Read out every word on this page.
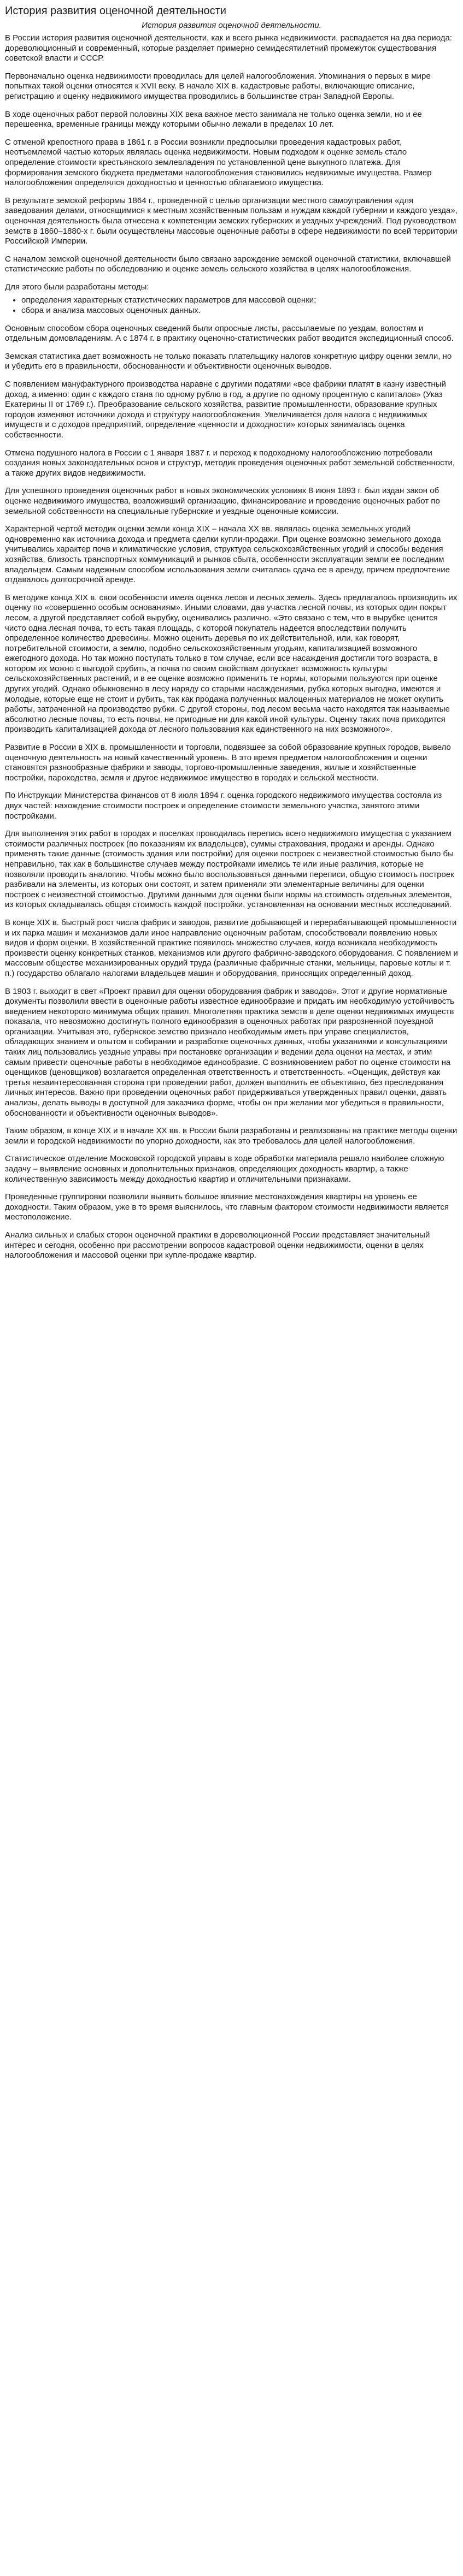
История развития оценочной деятельности
История развития оценочной деятельности.

В России история развития оценочной деятельности, как и всего рынка недвижимости, распадается на два периода: дореволюционный и современный, которые разделяет примерно семидесятилетний промежуток существования советской власти и СССР.

Первоначально оценка недвижимости проводилась для целей налогообложения. Упоминания о первых в мире попытках такой оценки относятся к XVII веку. В начале XIX в. кадастровые работы, включающие описание, регистрацию и оценку недвижимого имущества проводились в большинстве стран Западной Европы.

В ходе оценочных работ первой половины XIX века важное место занимала не только оценка земли, но и ее перешеенка, временные границы между которыми обычно лежали в пределах 10 лет.

С отменой крепостного права в 1861 г. в России возникли предпосылки проведения кадастровых работ, неотъемлемой частью которых являлась оценка недвижимости. Новым подходом к оценке земель стало определение стоимости крестьянского землевладения по установленной цене выкупного платежа. Для формирования земского бюджета предметами налогообложения становились недвижимые имущества. Размер налогообложения определялся доходностью и ценностью облагаемого имущества.

В результате земской реформы 1864 г., проведенной с целью организации местного самоуправления «для заведования делами, относящимися к местным хозяйственным пользам и нуждам каждой губернии и каждого уезда», оценочная деятельность была отнесена к компетенции земских губернских и уездных учреждений. Под руководством земств в 1860–1880-х г. были осуществлены массовые оценочные работы в сфере недвижимости по всей территории Российской Империи.

С началом земской оценочной деятельности было связано зарождение земской оценочной статистики, включавшей статистические работы по обследованию и оценке земель сельского хозяйства в целях налогообложения.

Для этого были разработаны методы:

• определения характерных статистических параметров для массовой оценки;
• сбора и анализа массовых оценочных данных.

Основным способом сбора оценочных сведений были опросные листы, рассылаемые по уездам, волостям и отдельным домовладениям. А с 1874 г. в практику оценочно-статистических работ вводится экспедиционный способ.

Земская статистика дает возможность не только показать плательщику налогов конкретную цифру оценки земли, но и убедить его в правильности, обоснованности и объективности оценочных выводов.

С появлением мануфактурного производства наравне с другими податями «все фабрики платят в казну известный доход, а именно: один с каждого стана по одному рублю в год, а другие по одному процентную с капиталов» (Указ Екатерины II от 1769 г.). Преобразование сельского хозяйства, развитие промышленности, образование крупных городов изменяют источники дохода и структуру налогообложения. Увеличивается доля налога с недвижимых имуществ и с доходов предприятий, определение «ценности и доходности» которых занималась оценка собственности.

Отмена подушного налога в России с 1 января 1887 г. и переход к подоходному налогообложению потребовали создания новых законодательных основ и структур, методик проведения оценочных работ земельной собственности, а также других видов недвижимости.

Для успешного проведения оценочных работ в новых экономических условиях 8 июня 1893 г. был издан закон об оценке недвижимого имущества, возложивший организацию, финансирование и проведение оценочных работ по земельной собственности на специальные губернские и уездные оценочные комиссии.

Характерной чертой методик оценки земли конца XIX – начала XX вв. являлась оценка земельных угодий одновременно как источника дохода и предмета сделки купли-продажи. При оценке возможно земельного дохода учитывались характер почв и климатические условия, структура сельскохозяйственных угодий и способы ведения хозяйства, близость транспортных коммуникаций и рынков сбыта, особенности эксплуатации земли ее последним владельцем. Самым надежным способом использования земли считалась сдача ее в аренду, причем предпочтение отдавалось долгосрочной аренде.

В методике конца XIX в. свои особенности имела оценка лесов и лесных земель. Здесь предлагалось производить их оценку по «совершенно особым основаниям». Иными словами, дав участка лесной почвы, из которых один покрыт лесом, а другой представляет собой вырубку, оценивались различно. «Это связано с тем, что в вырубке ценится чисто одна лесная почва, то есть такая площадь, с которой покупатель надеется впоследствии получить определенное количество древесины. Можно оценить деревья по их действительной, или, как говорят, потребительной стоимости, а землю, подобно сельскохозяйственным угодьям, капитализацией возможного ежегодного дохода. Но так можно поступать только в том случае, если все насаждения достигли того возраста, в котором их можно с выгодой срубить, а почва по своим свойствам допускает возможность культуры сельскохозяйственных растений, и в ее оценке возможно применить те нормы, которыми пользуются при оценке других угодий. Однако обыкновенно в лесу наряду со старыми насаждениями, рубка которых выгодна, имеются и молодые, которые еще не стоит и рубить, так как продажа полученных малоценных материалов не может окупить работы, затраченной на производство рубки. С другой стороны, под лесом весьма часто находятся так называемые абсолютно лесные почвы, то есть почвы, не пригодные ни для какой иной культуры. Оценку таких почв приходится производить капитализацией дохода от лесного пользования как единственного на них возможного».

Развитие в России в XIX в. промышленности и торговли, подвязшее за собой образование крупных городов, вывело оценочную деятельность на новый качественный уровень. В это время предметом налогообложения и оценки становятся разнообразные фабрики и заводы, торгово-промышленные заведения, жилые и хозяйственные постройки, пароходства, земля и другое недвижимое имущество в городах и сельской местности.

По Инструкции Министерства финансов от 8 июля 1894 г. оценка городского недвижимого имущества состояла из двух частей: нахождение стоимости построек и определение стоимости земельного участка, занятого этими постройками.

Для выполнения этих работ в городах и поселках проводилась перепись всего недвижимого имущества с указанием стоимости различных построек (по показаниям их владельцев), суммы страхования, продажи и аренды. Однако применять такие данные (стоимость здания или постройки) для оценки построек с неизвестной стоимостью было бы неправильно, так как в большинстве случаев между постройками имелись те или иные различия, которые не позволяли проводить аналогию. Чтобы можно было воспользоваться данными переписи, общую стоимость построек разбивали на элементы, из которых они состоят, и затем применяли эти элементарные величины для оценки построек с неизвестной стоимостью. Другими данными для оценки были нормы на стоимость отдельных элементов, из которых складывалась общая стоимость каждой постройки, установленная на основании местных исследований.

В конце XIX в. быстрый рост числа фабрик и заводов, развитие добывающей и перерабатывающей промышленности и их парка машин и механизмов дали иное направление оценочным работам, способствовали появлению новых видов и форм оценки. В хозяйственной практике появилось множество случаев, когда возникала необходимость произвести оценку конкретных станков, механизмов или другого фабрично-заводского оборудования. С появлением и массовым обществе механизированных орудий труда (различные фабричные станки, мельницы, паровые котлы и т. п.) государство облагало налогами владельцев машин и оборудования, приносящих определенный доход.

В 1903 г. выходит в свет «Проект правил для оценки оборудования фабрик и заводов». Этот и другие нормативные документы позволили ввести в оценочные работы известное единообразие и придать им необходимую устойчивость введением некоторого минимума общих правил. Многолетняя практика земств в деле оценки недвижимых имуществ показала, что невозможно достигнуть полного единообразия в оценочных работах при разрозненной поуездной организации. Учитывая это, губернское земство признало необходимым иметь при управе специалистов, обладающих знанием и опытом в собирании и разработке оценочных данных, чтобы указаниями и консультациями таких лиц пользовались уездные управы при постановке организации и ведении дела оценки на местах, и этим самым привести оценочные работы в необходимое единообразие. С возникновением работ по оценке стоимости на оценщиков (ценовщиков) возлагается определенная ответственность и ответственность. «Оценщик, действуя как третья незаинтересованная сторона при проведении работ, должен выполнить ее объективно, без преследования личных интересов. Важно при проведении оценочных работ придерживаться утвержденных правил оценки, давать анализы, делать выводы в доступной для заказчика форме, чтобы он при желании мог убедиться в правильности, обоснованности и объективности оценочных выводов».

Таким образом, в конце XIX и в начале XX вв. в России были разработаны и реализованы на практике методы оценки земли и городской недвижимости по упорно доходности, как это требовалось для целей налогообложения.

Статистическое отделение Московской городской управы в ходе обработки материала решало наиболее сложную задачу – выявление основных и дополнительных признаков, определяющих доходность квартир, а также количественную зависимость между доходностью квартир и отличительными признаками.

Проведенные группировки позволили выявить большое влияние местонахождения квартиры на уровень ее доходности. Таким образом, уже в то время выяснилось, что главным фактором стоимости недвижимости является местоположение.

Анализ сильных и слабых сторон оценочной практики в дореволюционной России представляет значительный интерес и сегодня, особенно при рассмотрении вопросов кадастровой оценки недвижимости, оценки в целях налогообложения и массовой оценки при купле-продаже квартир.
